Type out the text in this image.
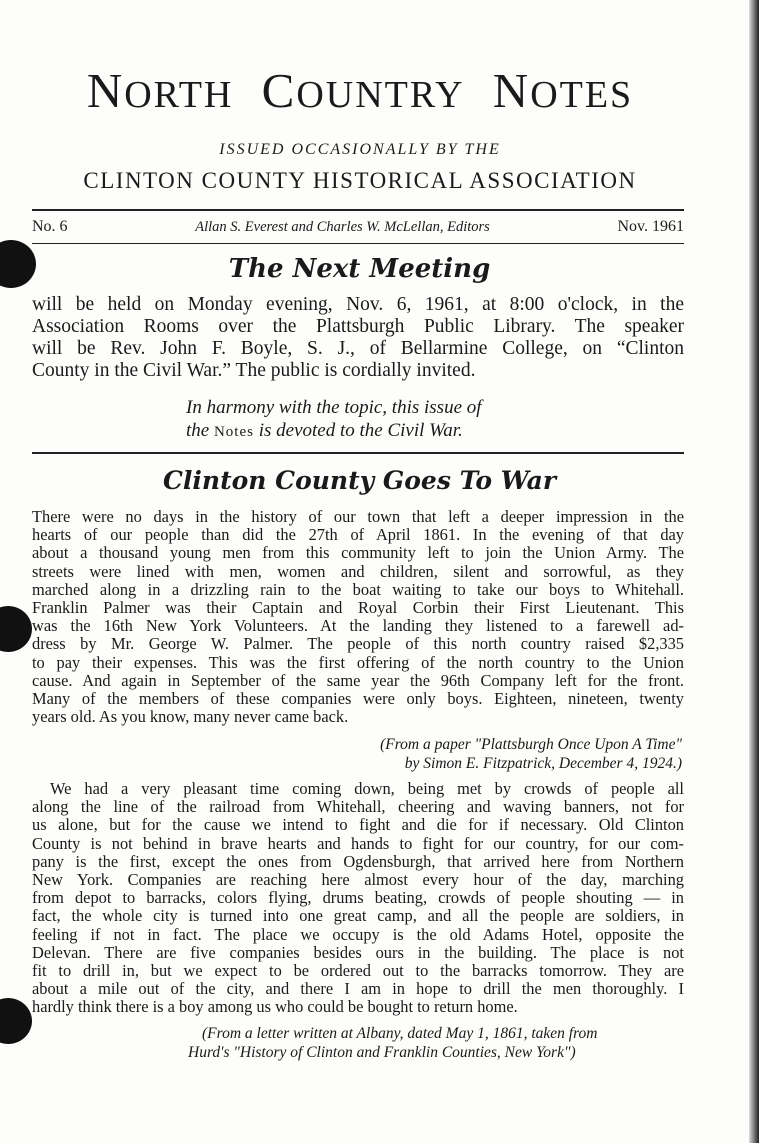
NORTH COUNTRY NOTES
ISSUED OCCASIONALLY BY THE
CLINTON COUNTY HISTORICAL ASSOCIATION
No. 6	Allan S. Everest and Charles W. McLellan, Editors	Nov. 1961
The Next Meeting
will be held on Monday evening, Nov. 6, 1961, at 8:00 o'clock, in the
Association Rooms over the Plattsburgh Public Library. The speaker
will be Rev. John F. Boyle, S. J., of Bellarmine College, on “Clinton
County in the Civil War.” The public is cordially invited.
In harmony with the topic, this issue of
the Notes is devoted to the Civil War.
Clinton County Goes To War
There were no days in the history of our town that left a deeper impression in the
hearts of our people than did the 27th of April 1861. In the evening of that day
about a thousand young men from this community left to join the Union Army. The
streets were lined with men, women and children, silent and sorrowful, as they
marched along in a drizzling rain to the boat waiting to take our boys to Whitehall.
Franklin Palmer was their Captain and Royal Corbin their First Lieutenant. This
was the 16th New York Volunteers. At the landing they listened to a farewell ad-
dress by Mr. George W. Palmer. The people of this north country raised $2,335
to pay their expenses. This was the first offering of the north country to the Union
cause. And again in September of the same year the 96th Company left for the front.
Many of the members of these companies were only boys. Eighteen, nineteen, twenty
years old. As you know, many never came back.
(From a paper "Plattsburgh Once Upon A Time"
by Simon E. Fitzpatrick, December 4, 1924.)
We had a very pleasant time coming down, being met by crowds of people all
along the line of the railroad from Whitehall, cheering and waving banners, not for
us alone, but for the cause we intend to fight and die for if necessary. Old Clinton
County is not behind in brave hearts and hands to fight for our country, for our com-
pany is the first, except the ones from Ogdensburgh, that arrived here from Northern
New York. Companies are reaching here almost every hour of the day, marching
from depot to barracks, colors flying, drums beating, crowds of people shouting — in
fact, the whole city is turned into one great camp, and all the people are soldiers, in
feeling if not in fact. The place we occupy is the old Adams Hotel, opposite the
Delevan. There are five companies besides ours in the building. The place is not
fit to drill in, but we expect to be ordered out to the barracks tomorrow. They are
about a mile out of the city, and there I am in hope to drill the men thoroughly. I
hardly think there is a boy among us who could be bought to return home.
(From a letter written at Albany, dated May 1, 1861, taken from
Hurd's "History of Clinton and Franklin Counties, New York")
